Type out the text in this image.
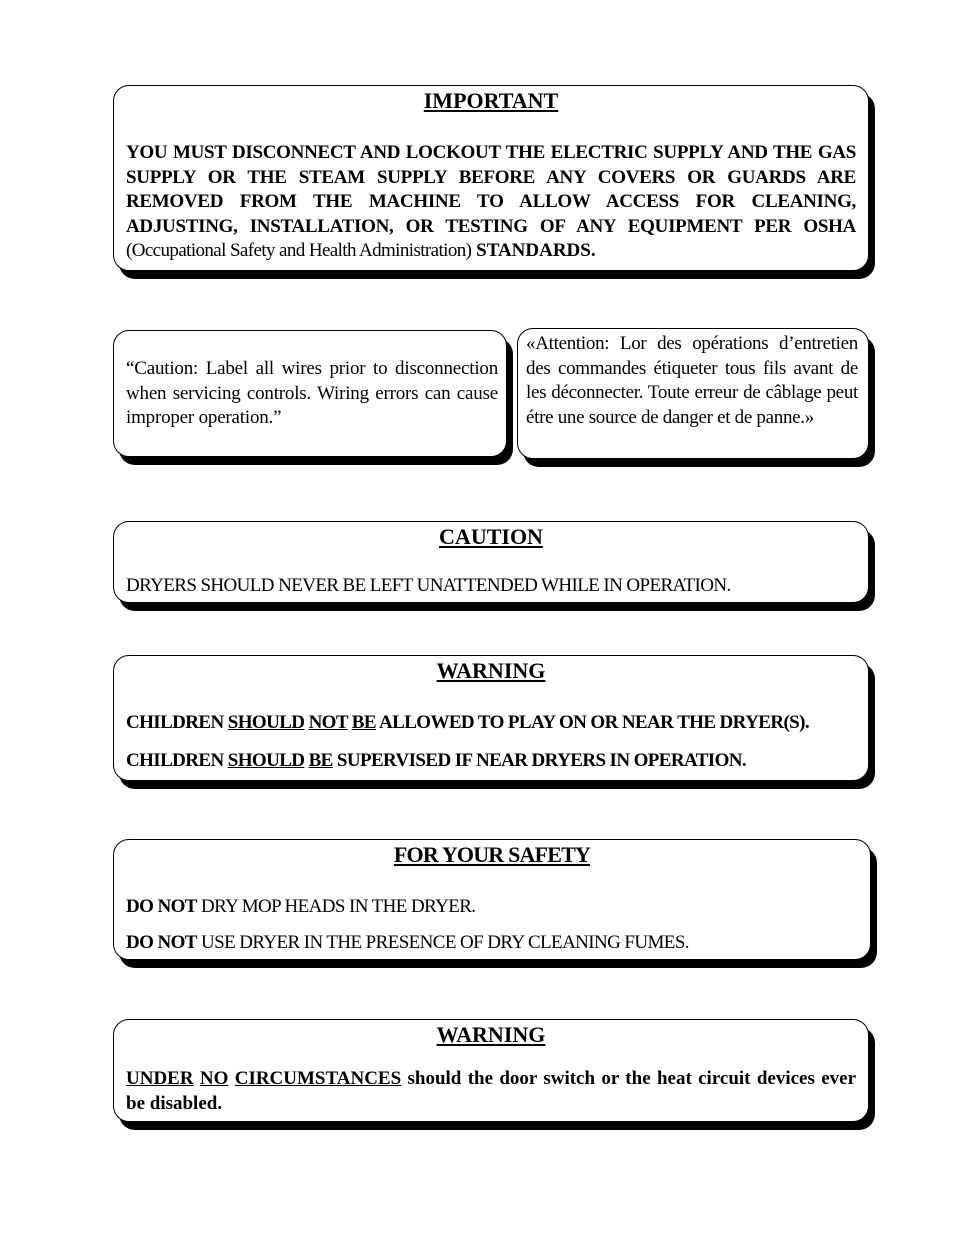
IMPORTANT
YOU MUST DISCONNECT AND LOCKOUT THE ELECTRIC SUPPLY AND THE GAS SUPPLY OR THE STEAM SUPPLY BEFORE ANY COVERS OR GUARDS ARE REMOVED FROM THE MACHINE TO ALLOW ACCESS FOR CLEANING, ADJUSTING, INSTALLATION, OR TESTING OF ANY EQUIPMENT PER OSHA (Occupational Safety and Health Administration) STANDARDS.
“Caution: Label all wires prior to disconnection when servicing controls. Wiring errors can cause improper operation.”
«Attention: Lor des opérations d’entretien des commandes étiqueter tous fils avant de les déconnecter. Toute erreur de câblage peut étre une source de danger et de panne.»
CAUTION
DRYERS SHOULD NEVER BE LEFT UNATTENDED WHILE IN OPERATION.
WARNING
CHILDREN SHOULD NOT BE ALLOWED TO PLAY ON OR NEAR THE DRYER(S).
CHILDREN SHOULD BE SUPERVISED IF NEAR DRYERS IN OPERATION.
FOR YOUR SAFETY
DO NOT DRY MOP HEADS IN THE DRYER.
DO NOT USE DRYER IN THE PRESENCE OF DRY CLEANING FUMES.
WARNING
UNDER NO CIRCUMSTANCES should the door switch or the heat circuit devices ever be disabled.
